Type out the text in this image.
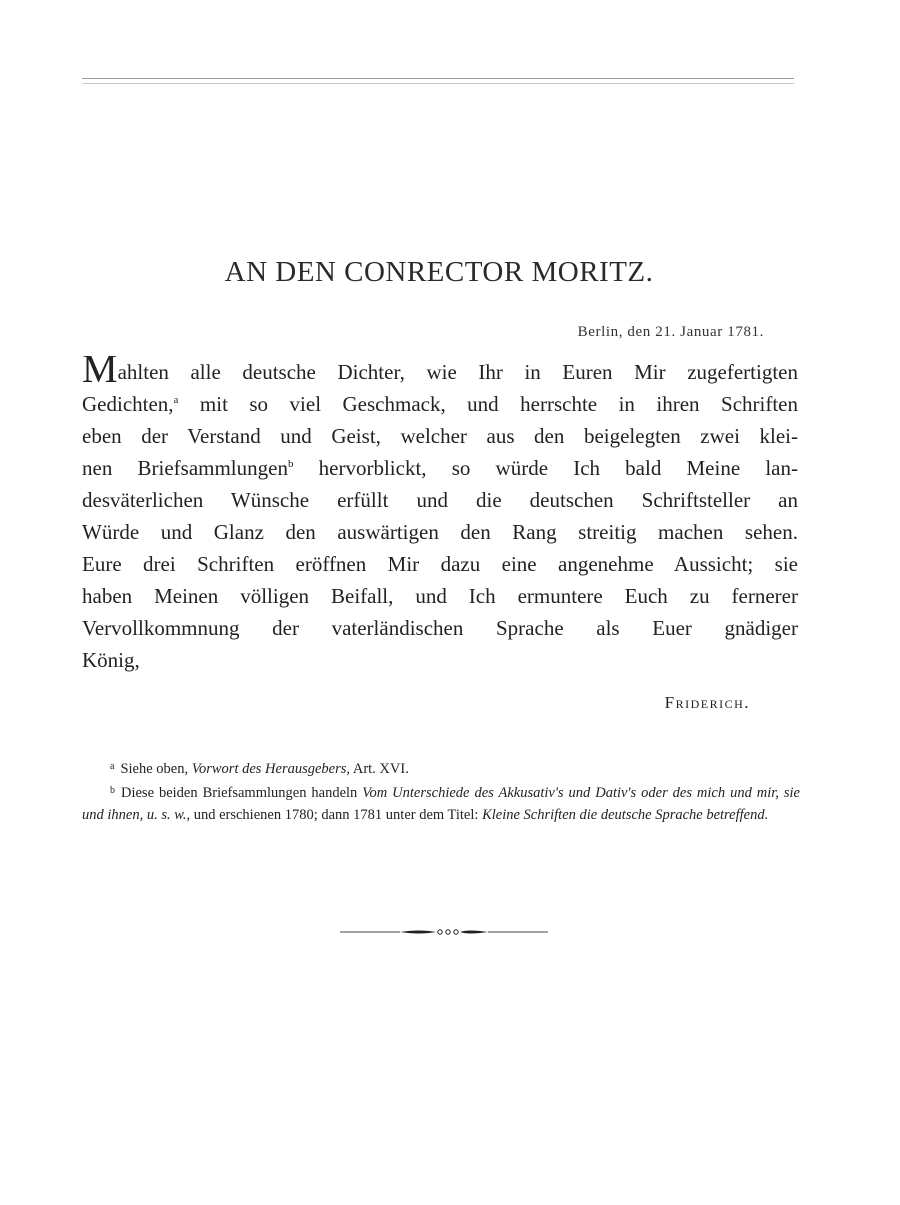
AN DEN CONRECTOR MORITZ.
Berlin, den 21. Januar 1781.
Mahlten alle deutsche Dichter, wie Ihr in Euren Mir zugefertigten
Gedichten,$^a$ mit so viel Geschmack, und herrschte in ihren Schriften
eben der Verstand und Geist, welcher aus den beigelegten zwei klei-
nen Briefsammlungen$^b$ hervorblickt, so würde Ich bald Meine lan-
desväterlichen Wünsche erfüllt und die deutschen Schriftsteller an
Würde und Glanz den auswärtigen den Rang streitig machen sehen.
Eure drei Schriften eröffnen Mir dazu eine angenehme Aussicht; sie
haben Meinen völligen Beifall, und Ich ermuntere Euch zu fernerer
Vervollkommnung der vaterländischen Sprache als Euer gnädiger
König,
Friderich.

$^a$ Siehe oben, Vorwort des Herausgebers, Art. XVI.

$^b$ Diese beiden Briefsammlungen handeln Vom Unterschiede des Akkusativ's und Dativ's oder des mich und mir, sie und ihnen, u. s. w., und erschienen 1780; dann 1781 unter dem Titel: Kleine Schriften die deutsche Sprache betreffend.
